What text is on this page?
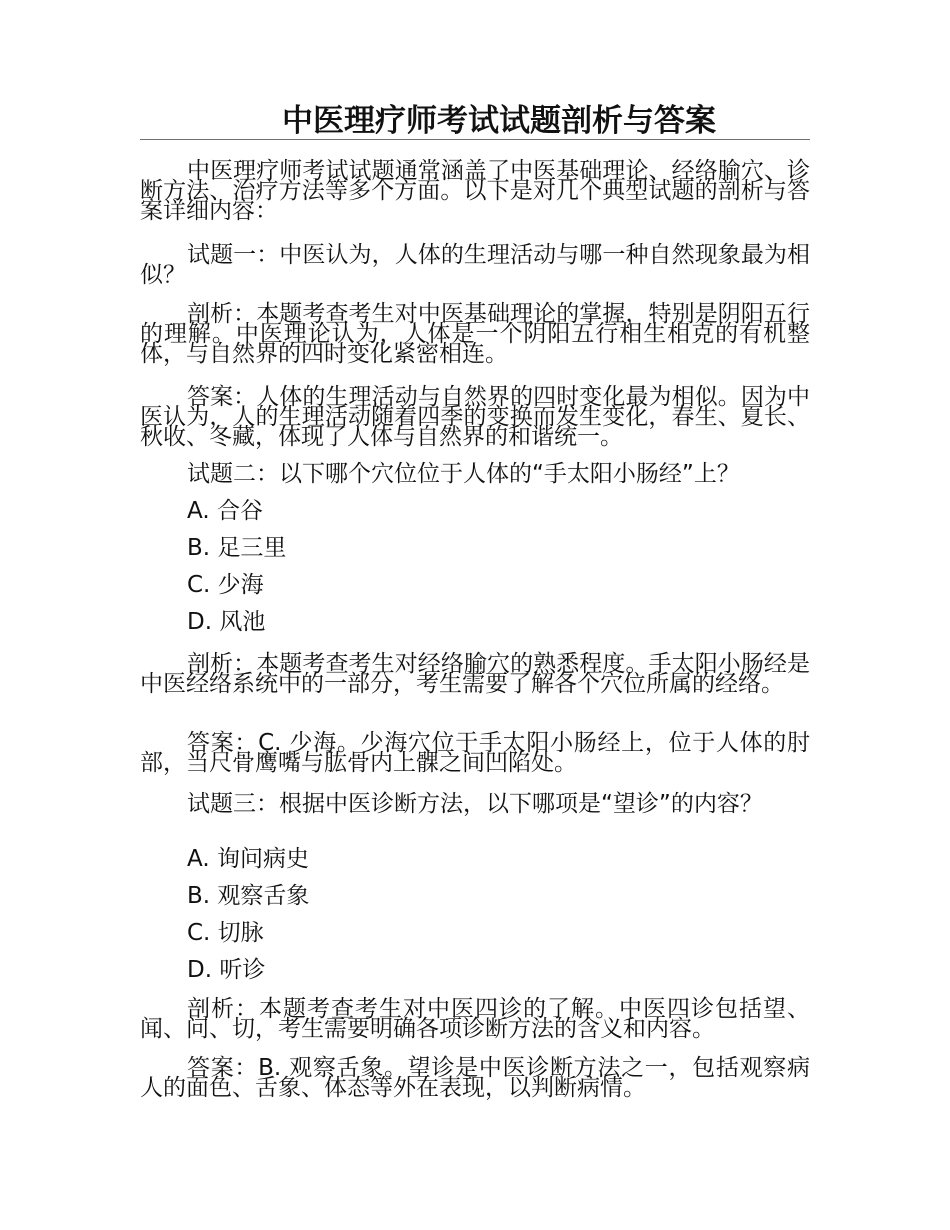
中医理疗师考试试题剖析与答案

中医理疗师考试试题通常涵盖了中医基础理论、经络腧穴、诊断方法、治疗方法等多个方面。以下是对几个典型试题的剖析与答案详细内容：

试题一：中医认为，人体的生理活动与哪一种自然现象最为相似？

剖析：本题考查考生对中医基础理论的掌握，特别是阴阳五行的理解。中医理论认为，人体是一个阴阳五行相生相克的有机整体，与自然界的四时变化紧密相连。

答案：人体的生理活动与自然界的四时变化最为相似。因为中医认为，人的生理活动随着四季的变换而发生变化，春生、夏长、秋收、冬藏，体现了人体与自然界的和谐统一。

试题二：以下哪个穴位位于人体的“手太阳小肠经”上？

A. 合谷

B. 足三里

C. 少海

D. 风池

剖析：本题考查考生对经络腧穴的熟悉程度。手太阳小肠经是中医经络系统中的一部分，考生需要了解各个穴位所属的经络。

答案：C. 少海。少海穴位于手太阳小肠经上，位于人体的肘部，当尺骨鹰嘴与肱骨内上髁之间凹陷处。

试题三：根据中医诊断方法，以下哪项是“望诊”的内容？

A. 询问病史

B. 观察舌象

C. 切脉

D. 听诊

剖析：本题考查考生对中医四诊的了解。中医四诊包括望、闻、问、切，考生需要明确各项诊断方法的含义和内容。

答案：B. 观察舌象。望诊是中医诊断方法之一，包括观察病人的面色、舌象、体态等外在表现，以判断病情。
